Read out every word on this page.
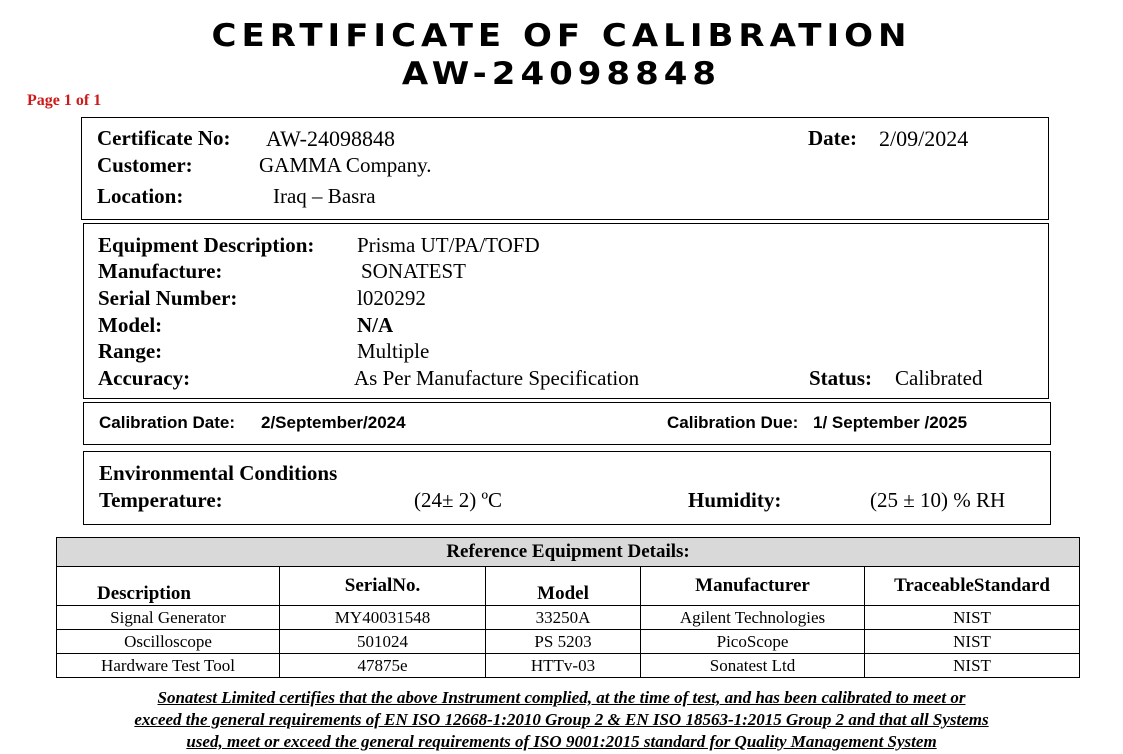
CERTIFICATE OF CALIBRATION
AW-24098848
Page 1 of 1
Certificate No: AW-24098848	Date: 2/09/2024
Customer:	GAMMA Company.
Location:	Iraq – Basra
Equipment Description: Prisma UT/PA/TOFD
Manufacture:	SONATEST
Serial Number:	l020292
Model:	N/A
Range:	Multiple
Accuracy:	As Per Manufacture Specification	Status: Calibrated
Calibration Date: 2/September/2024	Calibration Due: 1/ September /2025
Environmental Conditions
Temperature:	(24± 2) ºC	Humidity:	(25 ± 10) % RH
Reference Equipment Details:				
Description	SerialNo.	Model	Manufacturer	TraceableStandard
Signal Generator	MY40031548	33250A	Agilent Technologies	NIST
Oscilloscope	501024	PS 5203	PicoScope	NIST
Hardware Test Tool	47875e	HTTv-03	Sonatest Ltd	NIST
Sonatest Limited certifies that the above Instrument complied, at the time of test, and has been calibrated to meet or
exceed the general requirements of EN ISO 12668-1:2010 Group 2 & EN ISO 18563-1:2015 Group 2 and that all Systems
used, meet or exceed the general requirements of ISO 9001:2015 standard for Quality Management System
